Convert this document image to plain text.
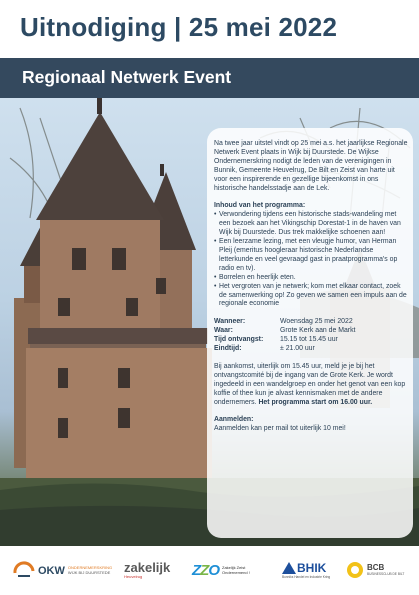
Uitnodiging | 25 mei 2022
Regionaal Netwerk Event

Na twee jaar uitstel vindt op 25 mei a.s. het jaarlijkse Regionale Netwerk Event plaats in Wijk bij Duurstede. De Wijkse Ondernemerskring nodigt de leden van de verenigingen in Bunnik, Gemeente Heuvelrug, De Bilt en Zeist van harte uit voor een inspirerende en gezellige bijeenkomst in ons historische handelsstadje aan de Lek.

Inhoud van het programma:

• Verwondering tijdens een historische stads-wandeling met een bezoek aan het Vikingschip Dorestat-1 in de haven van Wijk bij Duurstede. Dus trek makkelijke schoenen aan!
• Een leerzame lezing, met een vleugje humor, van Herman Pleij (emeritus hoogleraar historische Nederlandse letterkunde en veel gevraagd gast in praatprogramma's op radio en tv).
• Borrelen en heerlijk eten.
• Het vergroten van je netwerk; kom met elkaar contact, zoek de samenwerking op! Zo geven we samen een impuls aan de regionale economie
Wanneer:	Woensdag 25 mei 2022
Waar:	Grote Kerk aan de Markt
Tijd ontvangst:	15.15 tot 15.45 uur
Eindtijd:	± 21.00 uur

Bij aankomst, uiterlijk om 15.45 uur, meld je je bij het ontvangstcomité bij de ingang van de Grote Kerk. Je wordt ingedeeld in een wandelgroep en onder het genot van een kop koffie of thee kun je alvast kennismaken met de andere ondernemers. Het programma start om 16.00 uur.

Aanmelden:

Aanmelden kan per mail tot uiterlijk 10 mei!

OKW ONDERNEMERSKRING
WIJK BIJ DUURSTEDE zakelijk
Heuvelrug	ZZO Zakelijk Zeist
Ondernemend !	BHIK
Bunniks Handel en Industrie Kring
BCB
BUSINESSCLUB DE BILT
